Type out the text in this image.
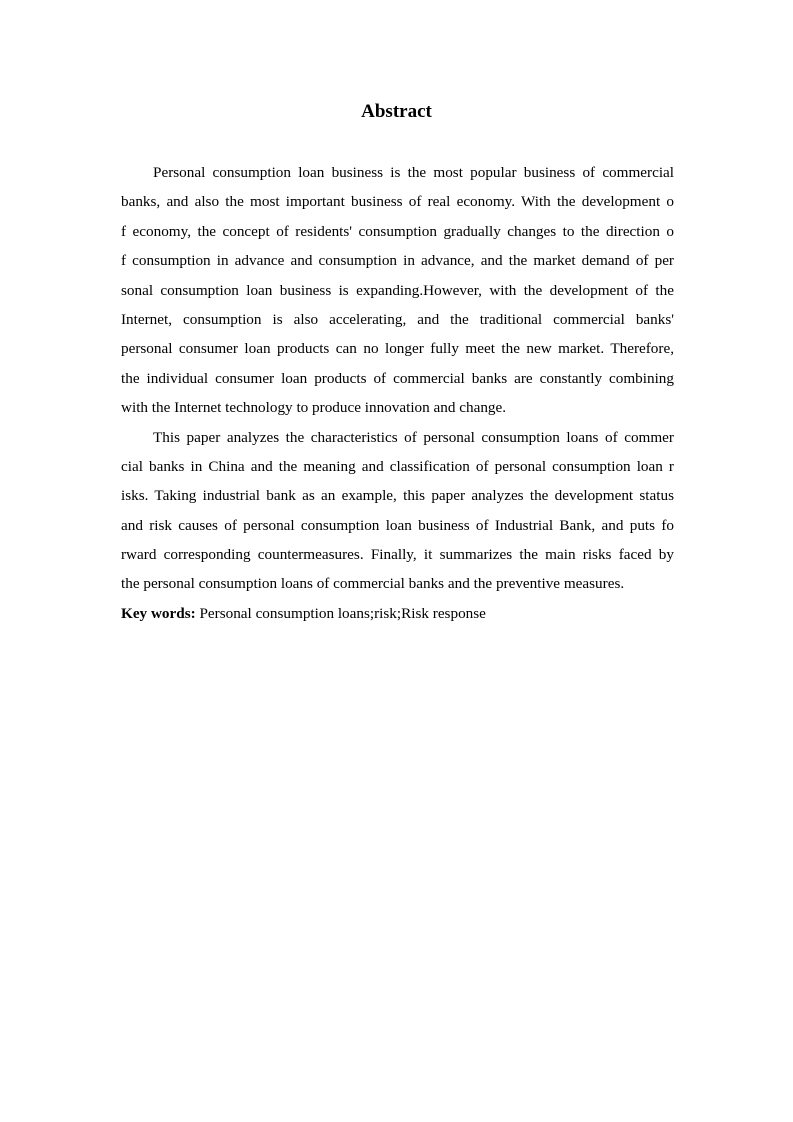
Abstract
Personal consumption loan business is the most popular business of commercial
banks, and also the most important business of real economy. With the development o
f economy, the concept of residents' consumption gradually changes to the direction o
f consumption in advance and consumption in advance, and the market demand of per
sonal consumption loan business is expanding.However, with the development of the
Internet, consumption is also accelerating, and the traditional commercial banks'
personal consumer loan products can no longer fully meet the new market. Therefore,
the individual consumer loan products of commercial banks are constantly combining
with the Internet technology to produce innovation and change.
This paper analyzes the characteristics of personal consumption loans of commer
cial banks in China and the meaning and classification of personal consumption loan r
isks. Taking industrial bank as an example, this paper analyzes the development status
and risk causes of personal consumption loan business of Industrial Bank, and puts fo
rward corresponding countermeasures. Finally, it summarizes the main risks faced by
the personal consumption loans of commercial banks and the preventive measures.
Key words: Personal consumption loans;risk;Risk response
